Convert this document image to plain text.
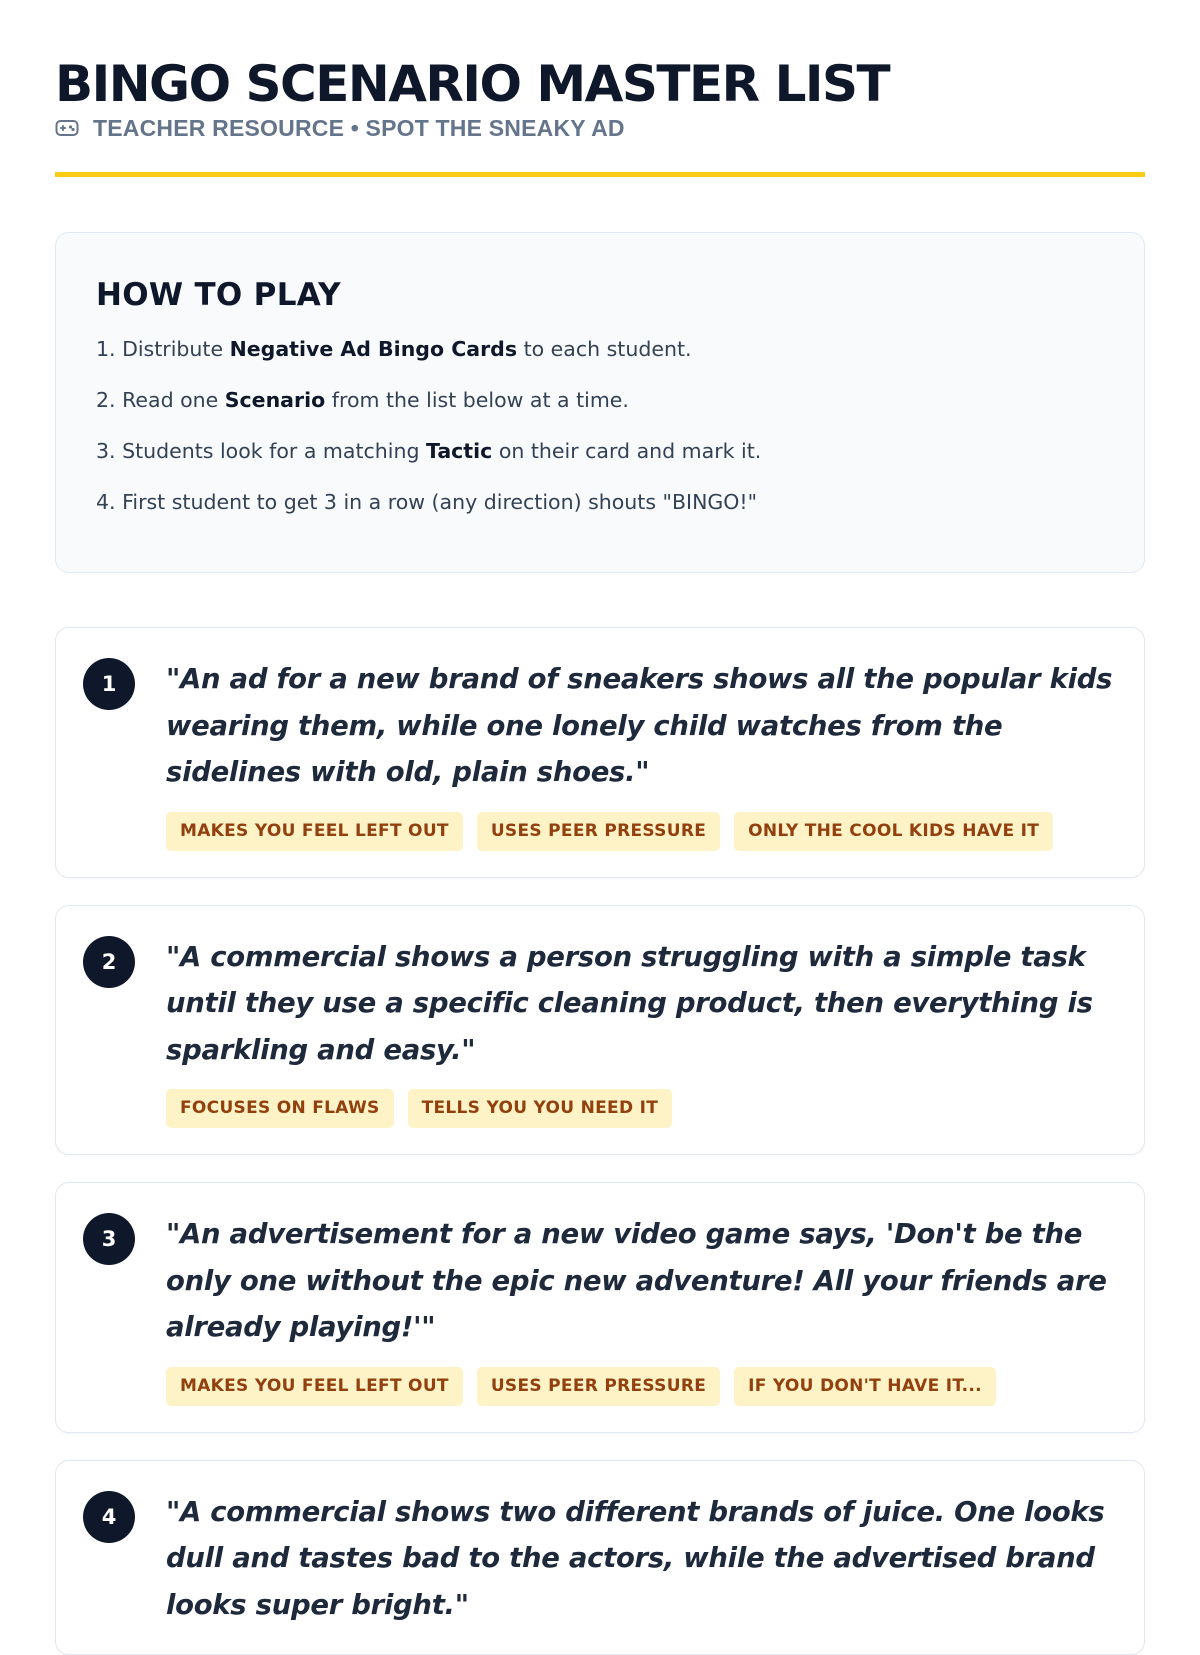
BINGO SCENARIO MASTER LIST
TEACHER RESOURCE • SPOT THE SNEAKY AD
HOW TO PLAY
1. Distribute Negative Ad Bingo Cards to each student.
2. Read one Scenario from the list below at a time.
3. Students look for a matching Tactic on their card and mark it.
4. First student to get 3 in a row (any direction) shouts "BINGO!"
1	"An ad for a new brand of sneakers shows all the popular kids wearing them, while one lonely child watches from the sidelines with old, plain shoes."
MAKES YOU FEEL LEFT OUT	USES PEER PRESSURE	ONLY THE COOL KIDS HAVE IT
2	"A commercial shows a person struggling with a simple task until they use a specific cleaning product, then everything is sparkling and easy."
FOCUSES ON FLAWS	TELLS YOU YOU NEED IT
3	"An advertisement for a new video game says, 'Don't be the only one without the epic new adventure! All your friends are already playing!'"
MAKES YOU FEEL LEFT OUT	USES PEER PRESSURE	IF YOU DON'T HAVE IT...
4	"A commercial shows two different brands of juice. One looks dull and tastes bad to the actors, while the advertised brand looks super bright."
